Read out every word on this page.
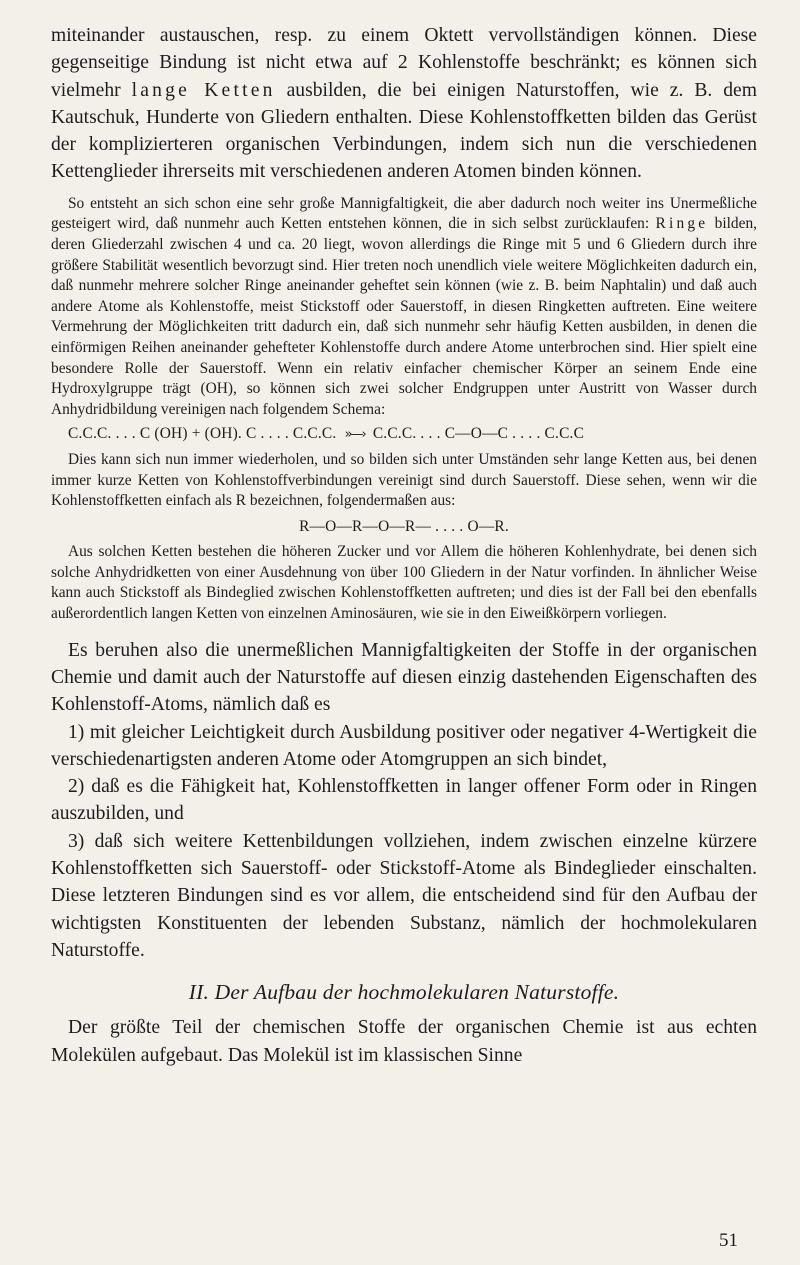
miteinander austauschen, resp. zu einem Oktett vervollständigen können. Diese gegenseitige Bindung ist nicht etwa auf 2 Kohlenstoffe beschränkt; es können sich vielmehr lange Ketten ausbilden, die bei einigen Naturstoffen, wie z. B. dem Kautschuk, Hunderte von Gliedern enthalten. Diese Kohlenstoffketten bilden das Gerüst der komplizierteren organischen Verbindungen, indem sich nun die verschiedenen Kettenglieder ihrerseits mit verschiedenen anderen Atomen binden können.

So entsteht an sich schon eine sehr große Mannigfaltigkeit, die aber dadurch noch weiter ins Unermeßliche gesteigert wird, daß nunmehr auch Ketten entstehen können, die in sich selbst zurücklaufen: Ringe bilden, deren Gliederzahl zwischen 4 und ca. 20 liegt, wovon allerdings die Ringe mit 5 und 6 Gliedern durch ihre größere Stabilität wesentlich bevorzugt sind. Hier treten noch unendlich viele weitere Möglichkeiten dadurch ein, daß nunmehr mehrere solcher Ringe aneinander geheftet sein können (wie z. B. beim Naphtalin) und daß auch andere Atome als Kohlenstoffe, meist Stickstoff oder Sauerstoff, in diesen Ringketten auftreten. Eine weitere Vermehrung der Möglichkeiten tritt dadurch ein, daß sich nunmehr sehr häufig Ketten ausbilden, in denen die einförmigen Reihen aneinander gehefteter Kohlenstoffe durch andere Atome unterbrochen sind. Hier spielt eine besondere Rolle der Sauerstoff. Wenn ein relativ einfacher chemischer Körper an seinem Ende eine Hydroxylgruppe trägt (OH), so können sich zwei solcher Endgruppen unter Austritt von Wasser durch Anhydridbildung vereinigen nach folgendem Schema:

C.C.C. . . . C (OH) + (OH). C . . . . C.C.C. »—› C.C.C. . . . C—O—C . . . . C.C.C

Dies kann sich nun immer wiederholen, und so bilden sich unter Umständen sehr lange Ketten aus, bei denen immer kurze Ketten von Kohlenstoffverbindungen vereinigt sind durch Sauerstoff. Diese sehen, wenn wir die Kohlenstoffketten einfach als R bezeichnen, folgendermaßen aus:

R—O—R—O—R— . . . . O—R.

Aus solchen Ketten bestehen die höheren Zucker und vor Allem die höheren Kohlenhydrate, bei denen sich solche Anhydridketten von einer Ausdehnung von über 100 Gliedern in der Natur vorfinden. In ähnlicher Weise kann auch Stickstoff als Bindeglied zwischen Kohlenstoffketten auftreten; und dies ist der Fall bei den ebenfalls außerordentlich langen Ketten von einzelnen Aminosäuren, wie sie in den Eiweißkörpern vorliegen.

Es beruhen also die unermeßlichen Mannigfaltigkeiten der Stoffe in der organischen Chemie und damit auch der Naturstoffe auf diesen einzig dastehenden Eigenschaften des Kohlenstoff-Atoms, nämlich daß es

1) mit gleicher Leichtigkeit durch Ausbildung positiver oder negativer 4-Wertigkeit die verschiedenartigsten anderen Atome oder Atomgruppen an sich bindet,

2) daß es die Fähigkeit hat, Kohlenstoffketten in langer offener Form oder in Ringen auszubilden, und

3) daß sich weitere Kettenbildungen vollziehen, indem zwischen einzelne kürzere Kohlenstoffketten sich Sauerstoff- oder Stickstoff-Atome als Bindeglieder einschalten. Diese letzteren Bindungen sind es vor allem, die entscheidend sind für den Aufbau der wichtigsten Konstituenten der lebenden Substanz, nämlich der hochmolekularen Naturstoffe.

II. Der Aufbau der hochmolekularen Naturstoffe.

Der größte Teil der chemischen Stoffe der organischen Chemie ist aus echten Molekülen aufgebaut. Das Molekül ist im klassischen Sinne

51
